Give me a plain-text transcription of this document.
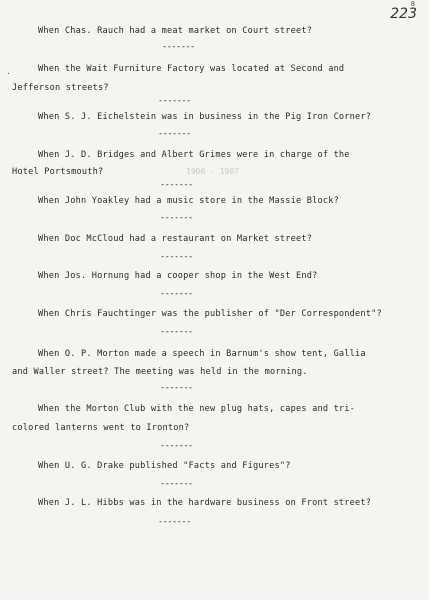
8
223
When Chas. Rauch had a meat market on Court street?
-------
.	When the Wait Furniture Factory was located at Second and
Jefferson streets?
-------
When S. J. Eichelstein was in business in the Pig Iron Corner?
-------
When J. D. Bridges and Albert Grimes were in charge of the
Hotel Portsmouth?	1906 - 1907
-------
When John Yoakley had a music store in the Massie Block?
-------
When Doc McCloud had a restaurant on Market street?
-------
When Jos. Hornung had a cooper shop in the West End?
-------
When Chris Fauchtinger was the publisher of "Der Correspondent"?
-------
When O. P. Morton made a speech in Barnum's show tent, Gallia
and Waller street? The meeting was held in the morning.
-------
When the Morton Club with the new plug hats, capes and tri-
colored lanterns went to Ironton?
-------
When U. G. Drake published "Facts and Figures"?
-------
When J. L. Hibbs was in the hardware business on Front street?
-------
